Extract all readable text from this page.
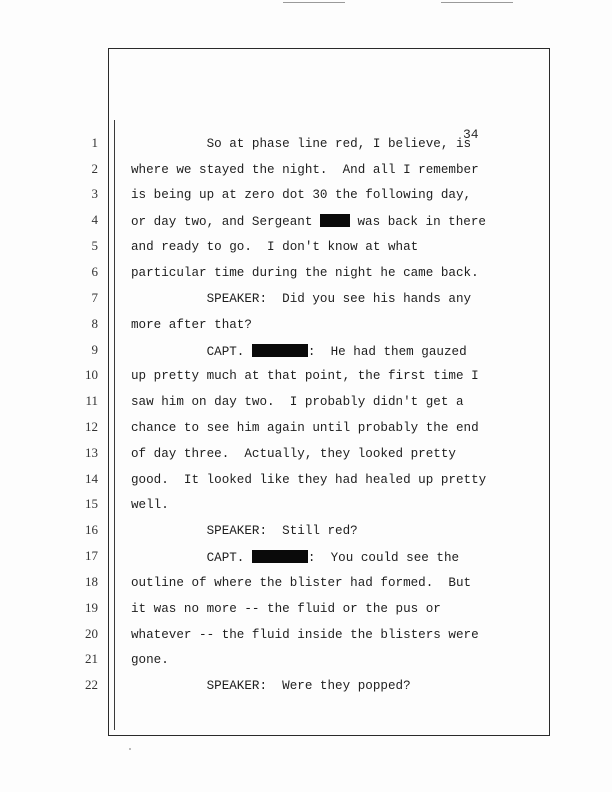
34
1
2
3
4
5
6
7
8
9
10
11
12
13
14
15
16
17
18
19
20
21
22
So at phase line red, I believe, is
where we stayed the night.  And all I remember
is being up at zero dot 30 the following day,
or day two, and Sergeant  was back in there
and ready to go.  I don't know at what
particular time during the night he came back.
SPEAKER:  Did you see his hands any
more after that?
CAPT.	:  He had them gauzed
up pretty much at that point, the first time I
saw him on day two.  I probably didn't get a
chance to see him again until probably the end
of day three.  Actually, they looked pretty
good.  It looked like they had healed up pretty
well.
SPEAKER:  Still red?
CAPT.	:  You could see the
outline of where the blister had formed.  But
it was no more -- the fluid or the pus or
whatever -- the fluid inside the blisters were
gone.
SPEAKER:  Were they popped?
